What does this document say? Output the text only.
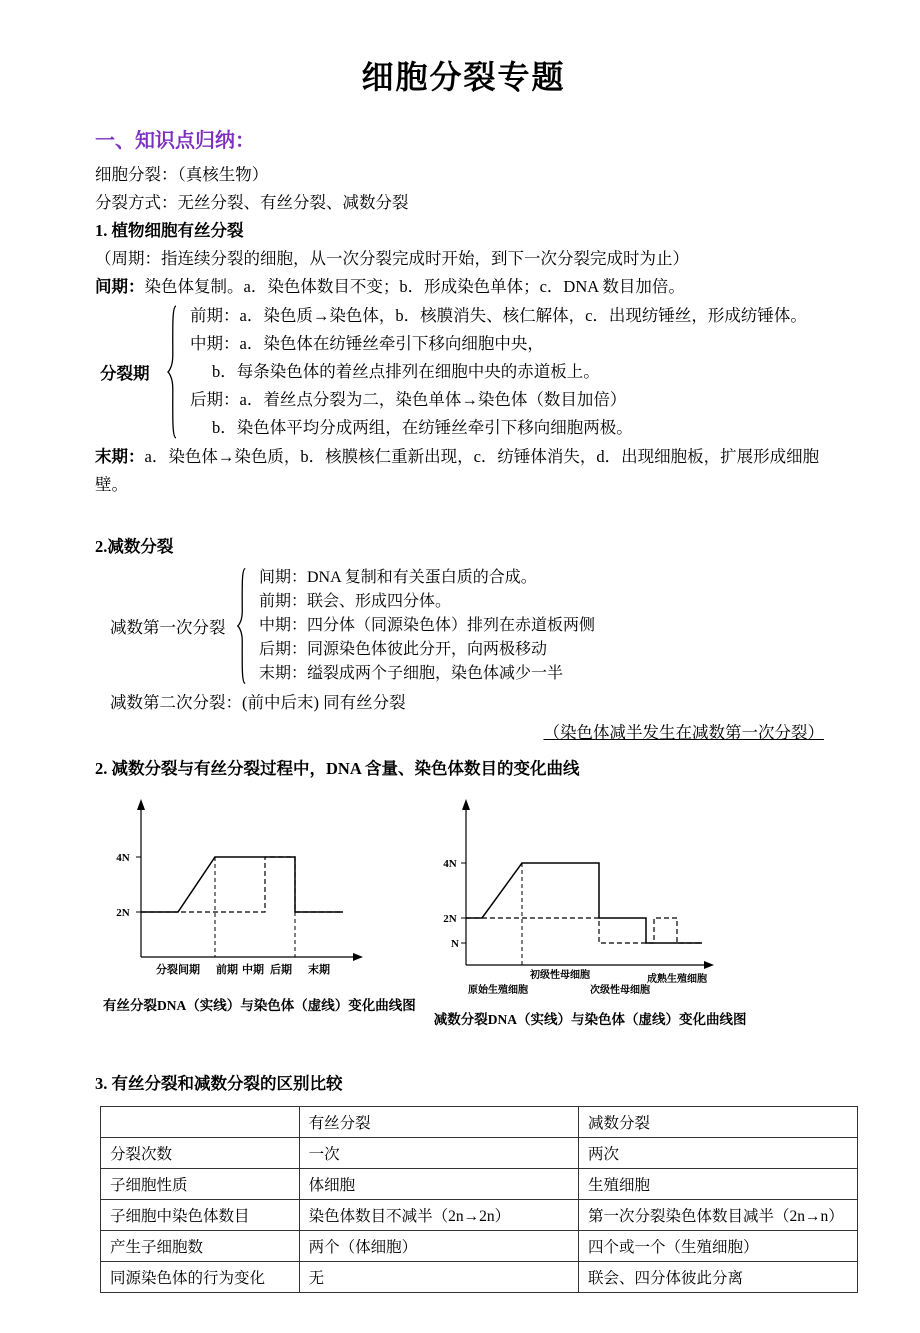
细胞分裂专题
一、知识点归纳：

细胞分裂：（真核生物）

分裂方式：无丝分裂、有丝分裂、减数分裂

1. 植物细胞有丝分裂

（周期：指连续分裂的细胞，从一次分裂完成时开始，到下一次分裂完成时为止）

间期：染色体复制。a．染色体数目不变；b．形成染色单体；c．DNA 数目加倍。

分裂期

前期：a．染色质→染色体，b．核膜消失、核仁解体，c．出现纺锤丝，形成纺锤体。

中期：a．染色体在纺锤丝牵引下移向细胞中央，

b．每条染色体的着丝点排列在细胞中央的赤道板上。

后期：a．着丝点分裂为二，染色单体→染色体（数目加倍）

b．染色体平均分成两组，在纺锤丝牵引下移向细胞两极。

末期：a．染色体→染色质，b．核膜核仁重新出现，c．纺锤体消失，d．出现细胞板，扩展形成细胞壁。

2.减数分裂

减数第一次分裂

间期：DNA 复制和有关蛋白质的合成。

前期：联会、形成四分体。

中期：四分体（同源染色体）排列在赤道板两侧

后期：同源染色体彼此分开，向两极移动

末期：缢裂成两个子细胞，染色体减少一半

减数第二次分裂：(前中后末) 同有丝分裂

（染色体减半发生在减数第一次分裂）

2. 减数分裂与有丝分裂过程中，DNA 含量、染色体数目的变化曲线

4N
2N
分裂间期 前期 中期 后期 末期
有丝分裂DNA（实线）与染色体（虚线）变化曲线图
4N
2N
N
初级性母细胞	成熟生殖细胞
原始生殖细胞	次级性母细胞
减数分裂DNA（实线）与染色体（虚线）变化曲线图

3. 有丝分裂和减数分裂的区别比较

	有丝分裂	减数分裂
分裂次数	一次	两次
子细胞性质	体细胞	生殖细胞
子细胞中染色体数目	染色体数目不减半（2n→2n）	第一次分裂染色体数目减半（2n→n）
产生子细胞数	两个（体细胞）	四个或一个（生殖细胞）
同源染色体的行为变化	无	联会、四分体彼此分离
